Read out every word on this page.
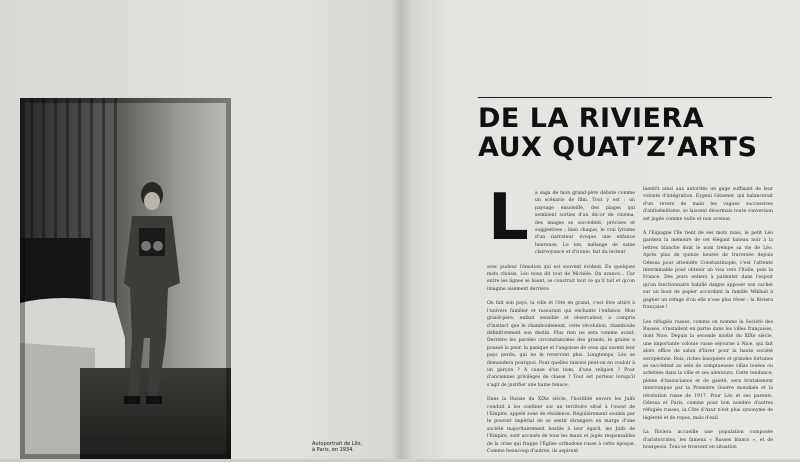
Autoportrait de Lilo,
à Paris, en 1934.
DE LA RIVIERA
AUX QUAT’Z’ARTS
L	a saga de mon grand-père débute comme un scénario de film. Tout y est : un paysage ensoleillé, des plages qui semblent sorties d'un décor de cinéma, des images se succèdent, précises et suggestives ; bien chaque, le vrai lyrisme d'un narrateur évoque une enfance heureuse. Le ton, mélange de saine clairvoyance et d'ironie, fait du lecteur

avec pudeur l'émotion qui est souvent évident. En quelques mots choisis, Léo nous dit tout de Michèle. On avance... Car entre les lignes se lisent, se construit tout ce qu'il tait et qu'on imagine aisément derrière.

On fait son pays, la ville et l'été en grand, c'est être attiré à l'univers familier et rassurant qui enchante l'enfance. Mon grand-père, enfant sensible et observateur, a compris d'instinct que le chamboulement, cette révolution, chamboule définitivement son destin. Plus rien ne sera comme avant. Derrière les paroles circonstanciées des grands, le graine a poussé la peur, la panique et l'angoisse de ceux qui savent leur pays perdu, qui ne le reverront plus. Longtemps, Léo se demandera pourquoi. Pour quelles raisons peut-on en vouloir à un garçon ? À cause d'un nom, d'une religion ? Pour d'anciennes privilèges de classe ? Tout est porteur lorsqu'il s'agit de justifier une haine tenace.

Dans la Russie du XIXe siècle, l'hostilité envers les Juifs conduit à les confiner sur un territoire situé à l'ouest de l'Empire, appelé zone de résidence. Régulièrement soumis par le pouvoir impérial de se sentir étrangers en marge d'une société majoritairement hostile à leur égard, les Juifs de l'Empire, sont accusés de tous les maux et jugés responsables de la crise qui frappe l'Église orthodoxe russe à cette époque. Comme beaucoup d'autres, ils aspirent

bientôt ainsi aux autorités un gage suffisant de leur volonté d'intégration. Eygeni Gitzener, qui balancerait d'un revers de main les vagues successives d'antisémitisme, se laissent désormais toute conversion est jugée comme nulle et non avenue.

À l'Espagne l'île tient de ses mots mais, le petit Léo gardera la mémoire de cet élégant bateau noir à la lettres blanche dont le nom trempe sa vie de Léo. Après plus de quinze heures de traversée depuis Odessa pour atteindre Constantinople, c'est l'attente interminable pour obtenir un visa vers l'Italie, puis la France. Des jours entiers à patienter dans l'espoir qu'un fonctionnaire habillé daigne apposer son cachet sur un bout de papier accordant la famille Mikhail à gagner un refuge d'où elle n'ose plus rêver : la Riviera française !

Les réfugiés russes, comme on nomme la Société des Russes, s'installent en partie dans les villes françaises, dont Nice. Depuis la seconde moitié du XIXe siècle, une importante colonie russe séjourne à Nice, qui fait alors office de salon d'hiver pour la haute société européenne. Rois, riches banquiers et grandes fortunes se succèdent au sein de somptueuses villas louées ou achetées dans la ville et ses alentours. Cette tendance, pleine d'insouciance et de gaieté, sera brutalement interrompue par la Première Guerre mondiale et la révolution russe de 1917. Pour Léo et ses parents, Odessa et Paris, comme pour bon nombre d'autres réfugiés russes, la Côte d'Azur n'est plus synonyme de légèreté et de repos, mais d'exil.

La Riviera accueille une population composée d'aristocrates, les fameux « Russes blancs », et de bourgeois. Tous se trouvent en situation
